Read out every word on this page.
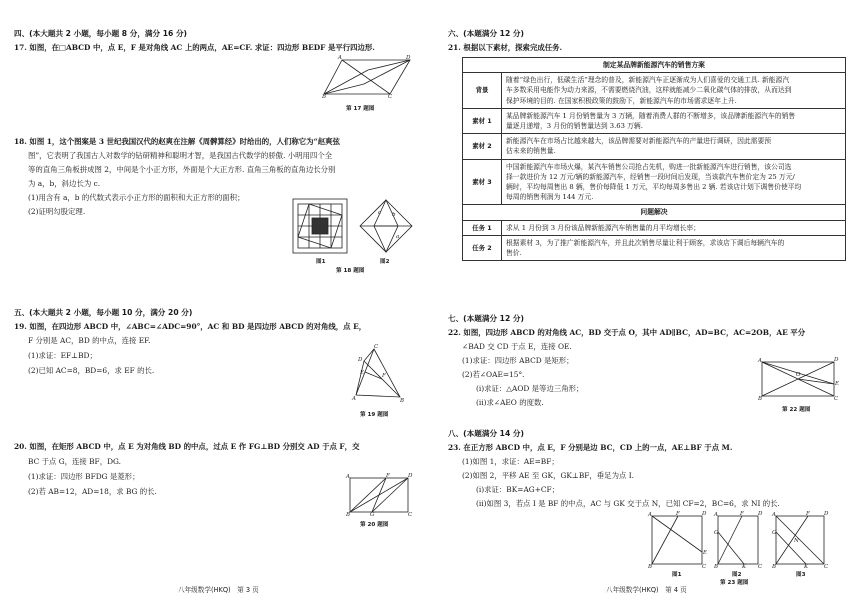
四、(本大题共 2 小题，每小题 8 分，满分 16 分)
17. 如图，在□ABCD 中，点 E，F 是对角线 AC 上的两点，AE=CF. 求证：四边形 BEDF 是平行四边形.
A	D
B	C
第 17 题图
18. 如图 1，这个图案是 3 世纪我国汉代的赵爽在注解《周髀算经》时给出的，人们称它为“赵爽弦
图”，它表明了我国古人对数学的钻研精神和聪明才智，是我国古代数学的骄傲. 小明用四个全
等的直角三角板拼成图 2，中间是个小正方形，外面是个大正方形. 直角三角板的直角边长分别
为 a，b，斜边长为 c.
(1)用含有 a，b 的代数式表示小正方形的面积和大正方形的面积；
(2)证明勾股定理.
图1
c b
a
图2
第 18 题图
五、(本大题共 2 小题，每小题 10 分，满分 20 分)
19. 如图，在四边形 ABCD 中，∠ABC=∠ADC=90°，AC 和 BD 是四边形 ABCD 的对角线，点 E，
F 分别是 AC，BD 的中点，连接 EF.
(1)求证：EF⊥BD；
(2)已知 AC=8，BD=6，求 EF 的长.
C
B
A
D
F
E
第 19 题图
20. 如图，在矩形 ABCD 中，点 E 为对角线 BD 的中点，过点 E 作 FG⊥BD 分别交 AD 于点 F，交
BC 于点 G，连接 BF，DG.
(1)求证：四边形 BFDG 是菱形；
(2)若 AB=12，AD=18，求 BG 的长.
A	F	D
B	G	C
第 20 题图
八年级数学(HKQ)　第 3 页
六、(本题满分 12 分)
21. 根据以下素材，探索完成任务.
制定某品牌新能源汽车的销售方案	
背景	随着“绿色出行，低碳生活”理念的普及，新能源汽车正逐渐成为人们喜爱的交通工具. 新能源汽
车多数采用电能作为动力来源，不需要燃烧汽油，这样就能减少二氧化碳气体的排放，从而达到
保护环境的目的. 在国家积极政策的鼓励下，新能源汽车的市场需求逐年上升.

素材 1	某品牌新能源汽车 1 月份销售量为 3 万辆，随着消费人群的不断增多，该品牌新能源汽车的销售
量逐月递增，3 月份的销售量达到 3.63 万辆.

素材 2	新能源汽车在市场占比越来越大，该品牌需要对新能源汽车的产量进行调研，因此需要预
估未来的销售量.

素材 3	中国新能源汽车市场火爆，某汽车销售公司抢占先机，购进一批新能源汽车进行销售，该公司选
择一款进价为 12 万元/辆的新能源汽车，经销售一段时间后发现，当该款汽车售价定为 25 万元/
辆时，平均每周售出 8 辆，售价每降低 1 万元，平均每周多售出 2 辆. 若该店计划下调售价使平均
每周的销售利润为 144 万元.

问题解决	
任务 1	求从 1 月份到 3 月份该品牌新能源汽车销售量的月平均增长率；

任务 2	根据素材 3，为了推广新能源汽车，并且此次销售尽量让利于顾客，求该店下调后每辆汽车的
售价.
七、(本题满分 12 分)
22. 如图，四边形 ABCD 的对角线 AC，BD 交于点 O，其中 AD∥BC，AD=BC，AC=2OB，AE 平分
∠BAD 交 CD 于点 E，连接 OE.
(1)求证：四边形 ABCD 是矩形；
(2)若∠OAE=15°.
(ⅰ)求证：△AOD 是等边三角形；
(ⅱ)求∠AEO 的度数.
A	D
B	C
O
E
第 22 题图
八、(本题满分 14 分)
23. 在正方形 ABCD 中，点 E，F 分别是边 BC，CD 上的一点，AE⊥BF 于点 M.
(1)如图 1，求证：AE=BF；
(2)如图 2，平移 AE 至 GK，GK⊥BF，垂足为点 I.
(ⅰ)求证：BK=AG+CF；
(ⅱ)如图 3，若点 I 是 BF 的中点，AC 与 GK 交于点 N，已知 CF=2，BC=6，求 NI 的长.
A	F	D
B
E
C
图1
A	F	D
G
B	K C
图2
A	F	D
G
B	K	C
N
图3
第 23 题图
八年级数学(HKQ)　第 4 页
